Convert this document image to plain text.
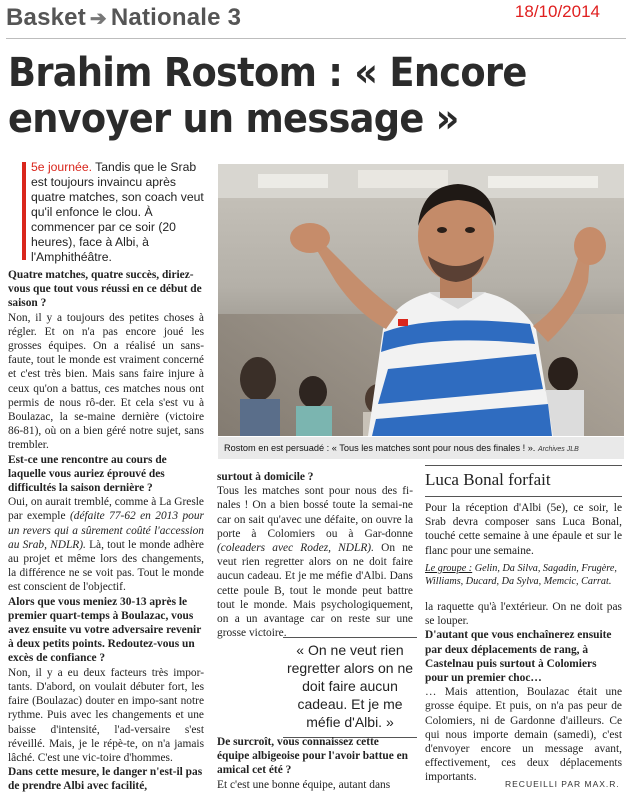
Basket ➔ Nationale 3	18/10/2014
Brahim Rostom : « Encore envoyer un message »
5e journée. Tandis que le Srab est toujours invaincu après quatre matches, son coach veut qu'il enfonce le clou. À commencer par ce soir (20 heures), face à Albi, à l'Amphithéâtre.
Rostom en est persuadé : « Tous les matches sont pour nous des finales ! ». Archives JLB

Quatre matches, quatre succès, diriez-vous que tout vous réussi en ce début de saison ?

Non, il y a toujours des petites choses à régler. Et on n'a pas encore joué les grosses équipes. On a réalisé un sans-faute, tout le monde est vraiment concerné et c'est très bien. Mais sans faire injure à ceux qu'on a battus, ces matches nous ont permis de nous rô-der. Et cela s'est vu à Boulazac, la se-maine dernière (victoire 86-81), où on a bien géré notre sujet, sans trembler.

Est-ce une rencontre au cours de laquelle vous auriez éprouvé des difficultés la saison dernière ?

Oui, on aurait tremblé, comme à La Gresle par exemple (défaite 77-62 en 2013 pour un revers qui a sûrement coûté l'accession au Srab, NDLR). Là, tout le monde adhère au projet et même lors des changements, la différence ne se voit pas. Tout le monde est conscient de l'objectif.

Alors que vous meniez 30-13 après le premier quart-temps à Boulazac, vous avez ensuite vu votre adversaire revenir à deux petits points. Redoutez-vous un excès de confiance ?

Non, il y a eu deux facteurs très impor-tants. D'abord, on voulait débuter fort, les faire (Boulazac) douter en impo-sant notre rythme. Puis avec les changements et une baisse d'intensité, l'ad-versaire s'est réveillé. Mais, je le répè-te, on n'a jamais lâché. C'est une vic-toire d'hommes.

Dans cette mesure, le danger n'est-il pas de prendre Albi avec facilité,

surtout à domicile ?

Tous les matches sont pour nous des fi-nales ! On a bien bossé toute la semai-ne car on sait qu'avec une défaite, on ouvre la porte à Colomiers ou à Gar-donne (coleaders avec Rodez, NDLR). On ne veut rien regretter alors on ne doit faire aucun cadeau. Et je me méfie d'Albi. Dans cette poule B, tout le monde peut battre tout le monde. Mais psychologiquement, on a un avantage car on reste sur une grosse victoire.

« On ne veut rien regretter alors on ne doit faire aucun cadeau. Et je me méfie d'Albi. »

De surcroît, vous connaissez cette équipe albigeoise pour l'avoir battue en amical cet été ?

Et c'est une bonne équipe, autant dans

Luca Bonal forfait

Pour la réception d'Albi (5e), ce soir, le Srab devra composer sans Luca Bonal, touché cette semaine à une épaule et sur le flanc pour une semaine.

Le groupe : Gelin, Da Silva, Sagadin, Frugère, Williams, Ducard, Da Sylva, Memcic, Carrat.

la raquette qu'à l'extérieur. On ne doit pas se louper.

D'autant que vous enchaînerez ensuite par deux déplacements de rang, à Castelnau puis surtout à Colomiers pour un premier choc…

… Mais attention, Boulazac était une grosse équipe. Et puis, on n'a pas peur de Colomiers, ni de Gardonne d'ailleurs. Ce qui nous importe demain (samedi), c'est d'envoyer encore un message avant, effectivement, ces deux déplacements importants.

RECUEILLI PAR MAX.R.
